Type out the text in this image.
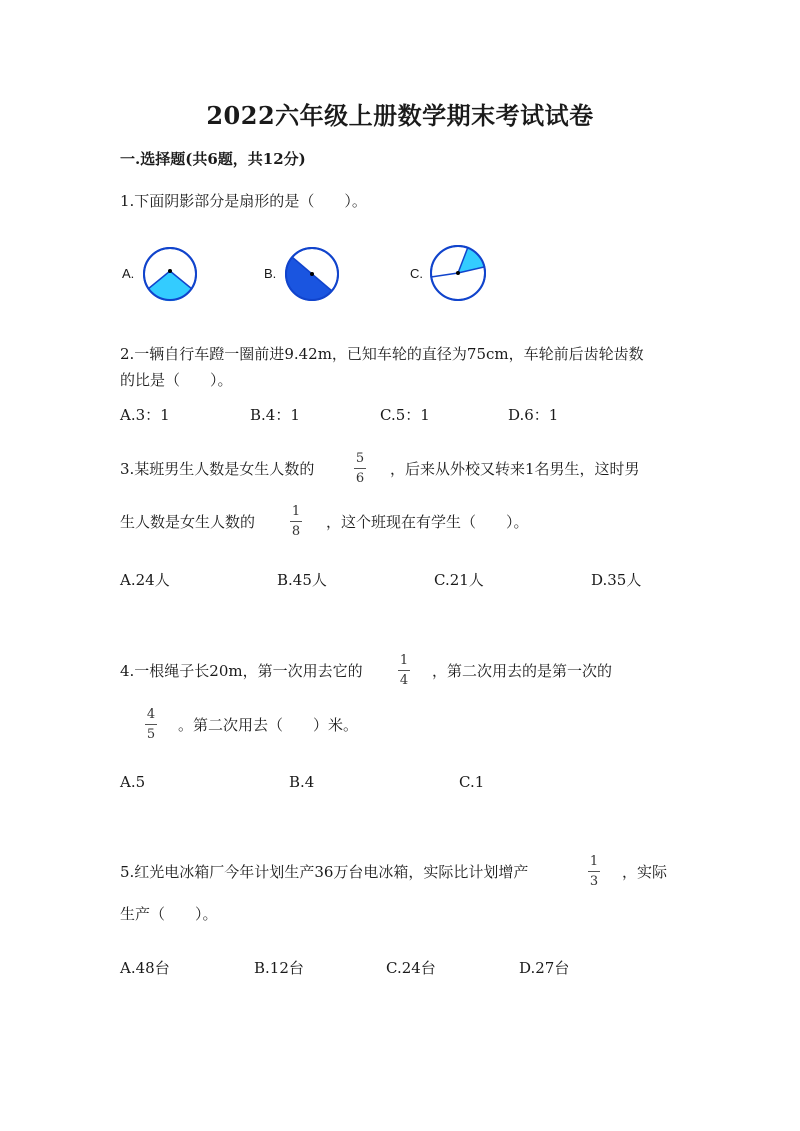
2022六年级上册数学期末考试试卷
一.选择题(共6题，共12分)
1.下面阴影部分是扇形的是（　　）。
A.	B.	C.
2.一辆自行车蹬一圈前进9.42m，已知车轮的直径为75cm，车轮前后齿轮齿数
的比是（　　）。
A.3：1	B.4：1	C.5：1	D.6：1
3.某班男生人数是女生人数的
5
6
，后来从外校又转来1名男生，这时男
生人数是女生人数的
1
8
，这个班现在有学生（　　）。
A.24人	B.45人	C.21人	D.35人
4.一根绳子长20m，第一次用去它的
1
4
，第二次用去的是第一次的
4
5
。第二次用去（　　）米。
A.5	B.4	C.1
5.红光电冰箱厂今年计划生产36万台电冰箱，实际比计划增产
1
3
，实际
生产（　　）。
A.48台	B.12台	C.24台	D.27台
